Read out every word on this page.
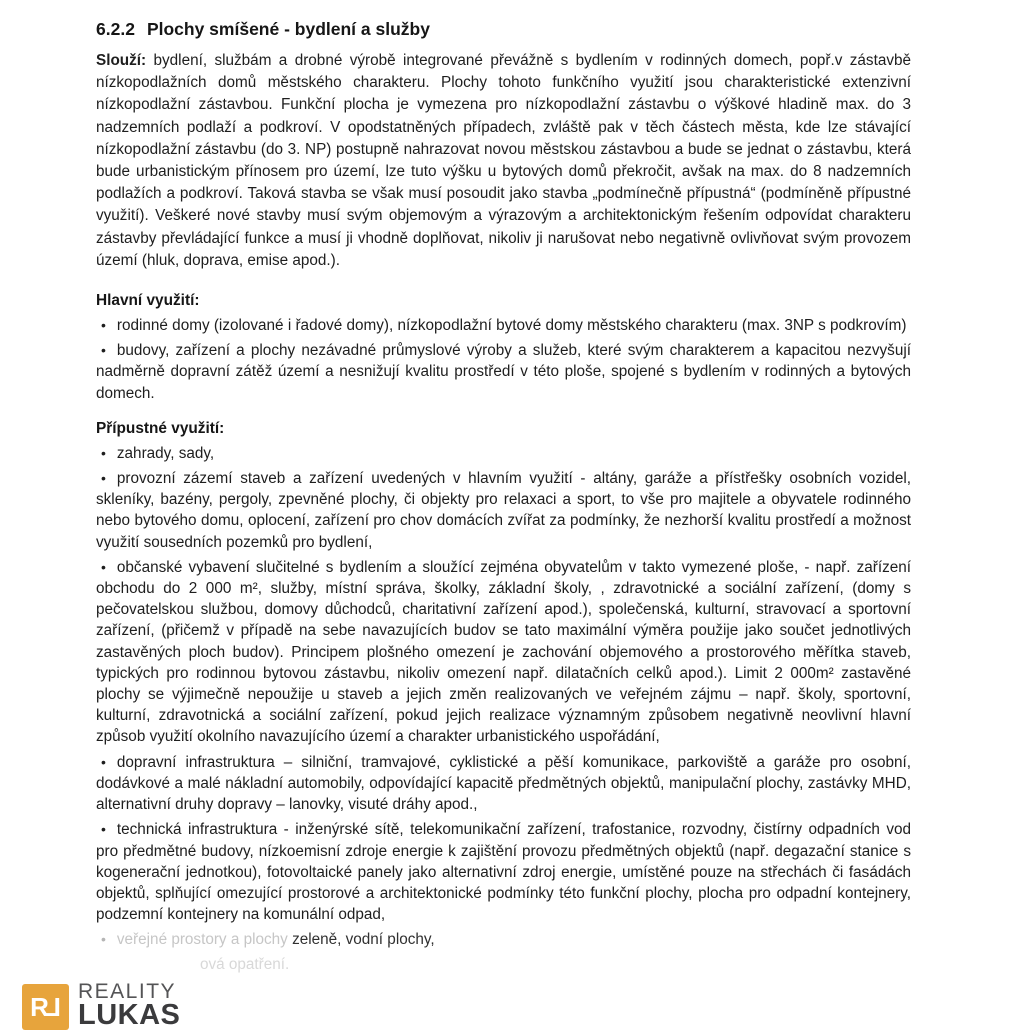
6.2.2 Plochy smíšené - bydlení a služby

Slouží: bydlení, službám a drobné výrobě integrované převážně s bydlením v rodinných domech, popř.v zástavbě nízkopodlažních domů městského charakteru. Plochy tohoto funkčního využití jsou charakteristické extenzivní nízkopodlažní zástavbou. Funkční plocha je vymezena pro nízkopodlažní zástavbu o výškové hladině max. do 3 nadzemních podlaží a podkroví. V opodstatněných případech, zvláště pak v těch částech města, kde lze stávající nízkopodlažní zástavbu (do 3. NP) postupně nahrazovat novou městskou zástavbou a bude se jednat o zástavbu, která bude urbanistickým přínosem pro území, lze tuto výšku u bytových domů překročit, avšak na max. do 8 nadzemních podlažích a podkroví. Taková stavba se však musí posoudit jako stavba „podmínečně přípustná“ (podmíněně přípustné využití). Veškeré nové stavby musí svým objemovým a výrazovým a architektonickým řešením odpovídat charakteru zástavby převládající funkce a musí ji vhodně doplňovat, nikoliv ji narušovat nebo negativně ovlivňovat svým provozem území (hluk, doprava, emise apod.).

Hlavní využití:
• rodinné domy (izolované i řadové domy), nízkopodlažní bytové domy městského charakteru (max. 3NP s podkrovím)
• budovy, zařízení a plochy nezávadné průmyslové výroby a služeb, které svým charakterem a kapacitou nezvyšují nadměrně dopravní zátěž území a nesnižují kvalitu prostředí v této ploše, spojené s bydlením v rodinných a bytových domech.
Přípustné využití:
• zahrady, sady,
• provozní zázemí staveb a zařízení uvedených v hlavním využití - altány, garáže a přístřešky osobních vozidel, skleníky, bazény, pergoly, zpevněné plochy, či objekty pro relaxaci a sport, to vše pro majitele a obyvatele rodinného nebo bytového domu, oplocení, zařízení pro chov domácích zvířat za podmínky, že nezhorší kvalitu prostředí a možnost využití sousedních pozemků pro bydlení,
• občanské vybavení slučitelné s bydlením a sloužící zejména obyvatelům v takto vymezené ploše, - např. zařízení obchodu do 2 000 m², služby, místní správa, školky, základní školy, , zdravotnické a sociální zařízení, (domy s pečovatelskou službou, domovy důchodců, charitativní zařízení apod.), společenská, kulturní, stravovací a sportovní zařízení, (přičemž v případě na sebe navazujících budov se tato maximální výměra použije jako součet jednotlivých zastavěných ploch budov). Principem plošného omezení je zachování objemového a prostorového měřítka staveb, typických pro rodinnou bytovou zástavbu, nikoliv omezení např. dilatačních celků apod.). Limit 2 000m² zastavěné plochy se výjimečně nepoužije u staveb a jejich změn realizovaných ve veřejném zájmu – např. školy, sportovní, kulturní, zdravotnická a sociální zařízení, pokud jejich realizace významným způsobem negativně neovlivní hlavní způsob využití okolního navazujícího území a charakter urbanistického uspořádání,
• dopravní infrastruktura – silniční, tramvajové, cyklistické a pěší komunikace, parkoviště a garáže pro osobní, dodávkové a malé nákladní automobily, odpovídající kapacitě předmětných objektů, manipulační plochy, zastávky MHD, alternativní druhy dopravy – lanovky, visuté dráhy apod.,
• technická infrastruktura - inženýrské sítě, telekomunikační zařízení, trafostanice, rozvodny, čistírny odpadních vod pro předmětné budovy, nízkoemisní zdroje energie k zajištění provozu předmětných objektů (např. degazační stanice s kogenerační jednotkou), fotovoltaické panely jako alternativní zdroj energie, umístěné pouze na střechách či fasádách objektů, splňující omezující prostorové a architektonické podmínky této funkční plochy, plocha pro odpadní kontejnery, podzemní kontejnery na komunální odpad,
• veřejné prostory a plochy zeleně, vodní plochy,
ová opatření.
R
L
REALITY
LUKAS
